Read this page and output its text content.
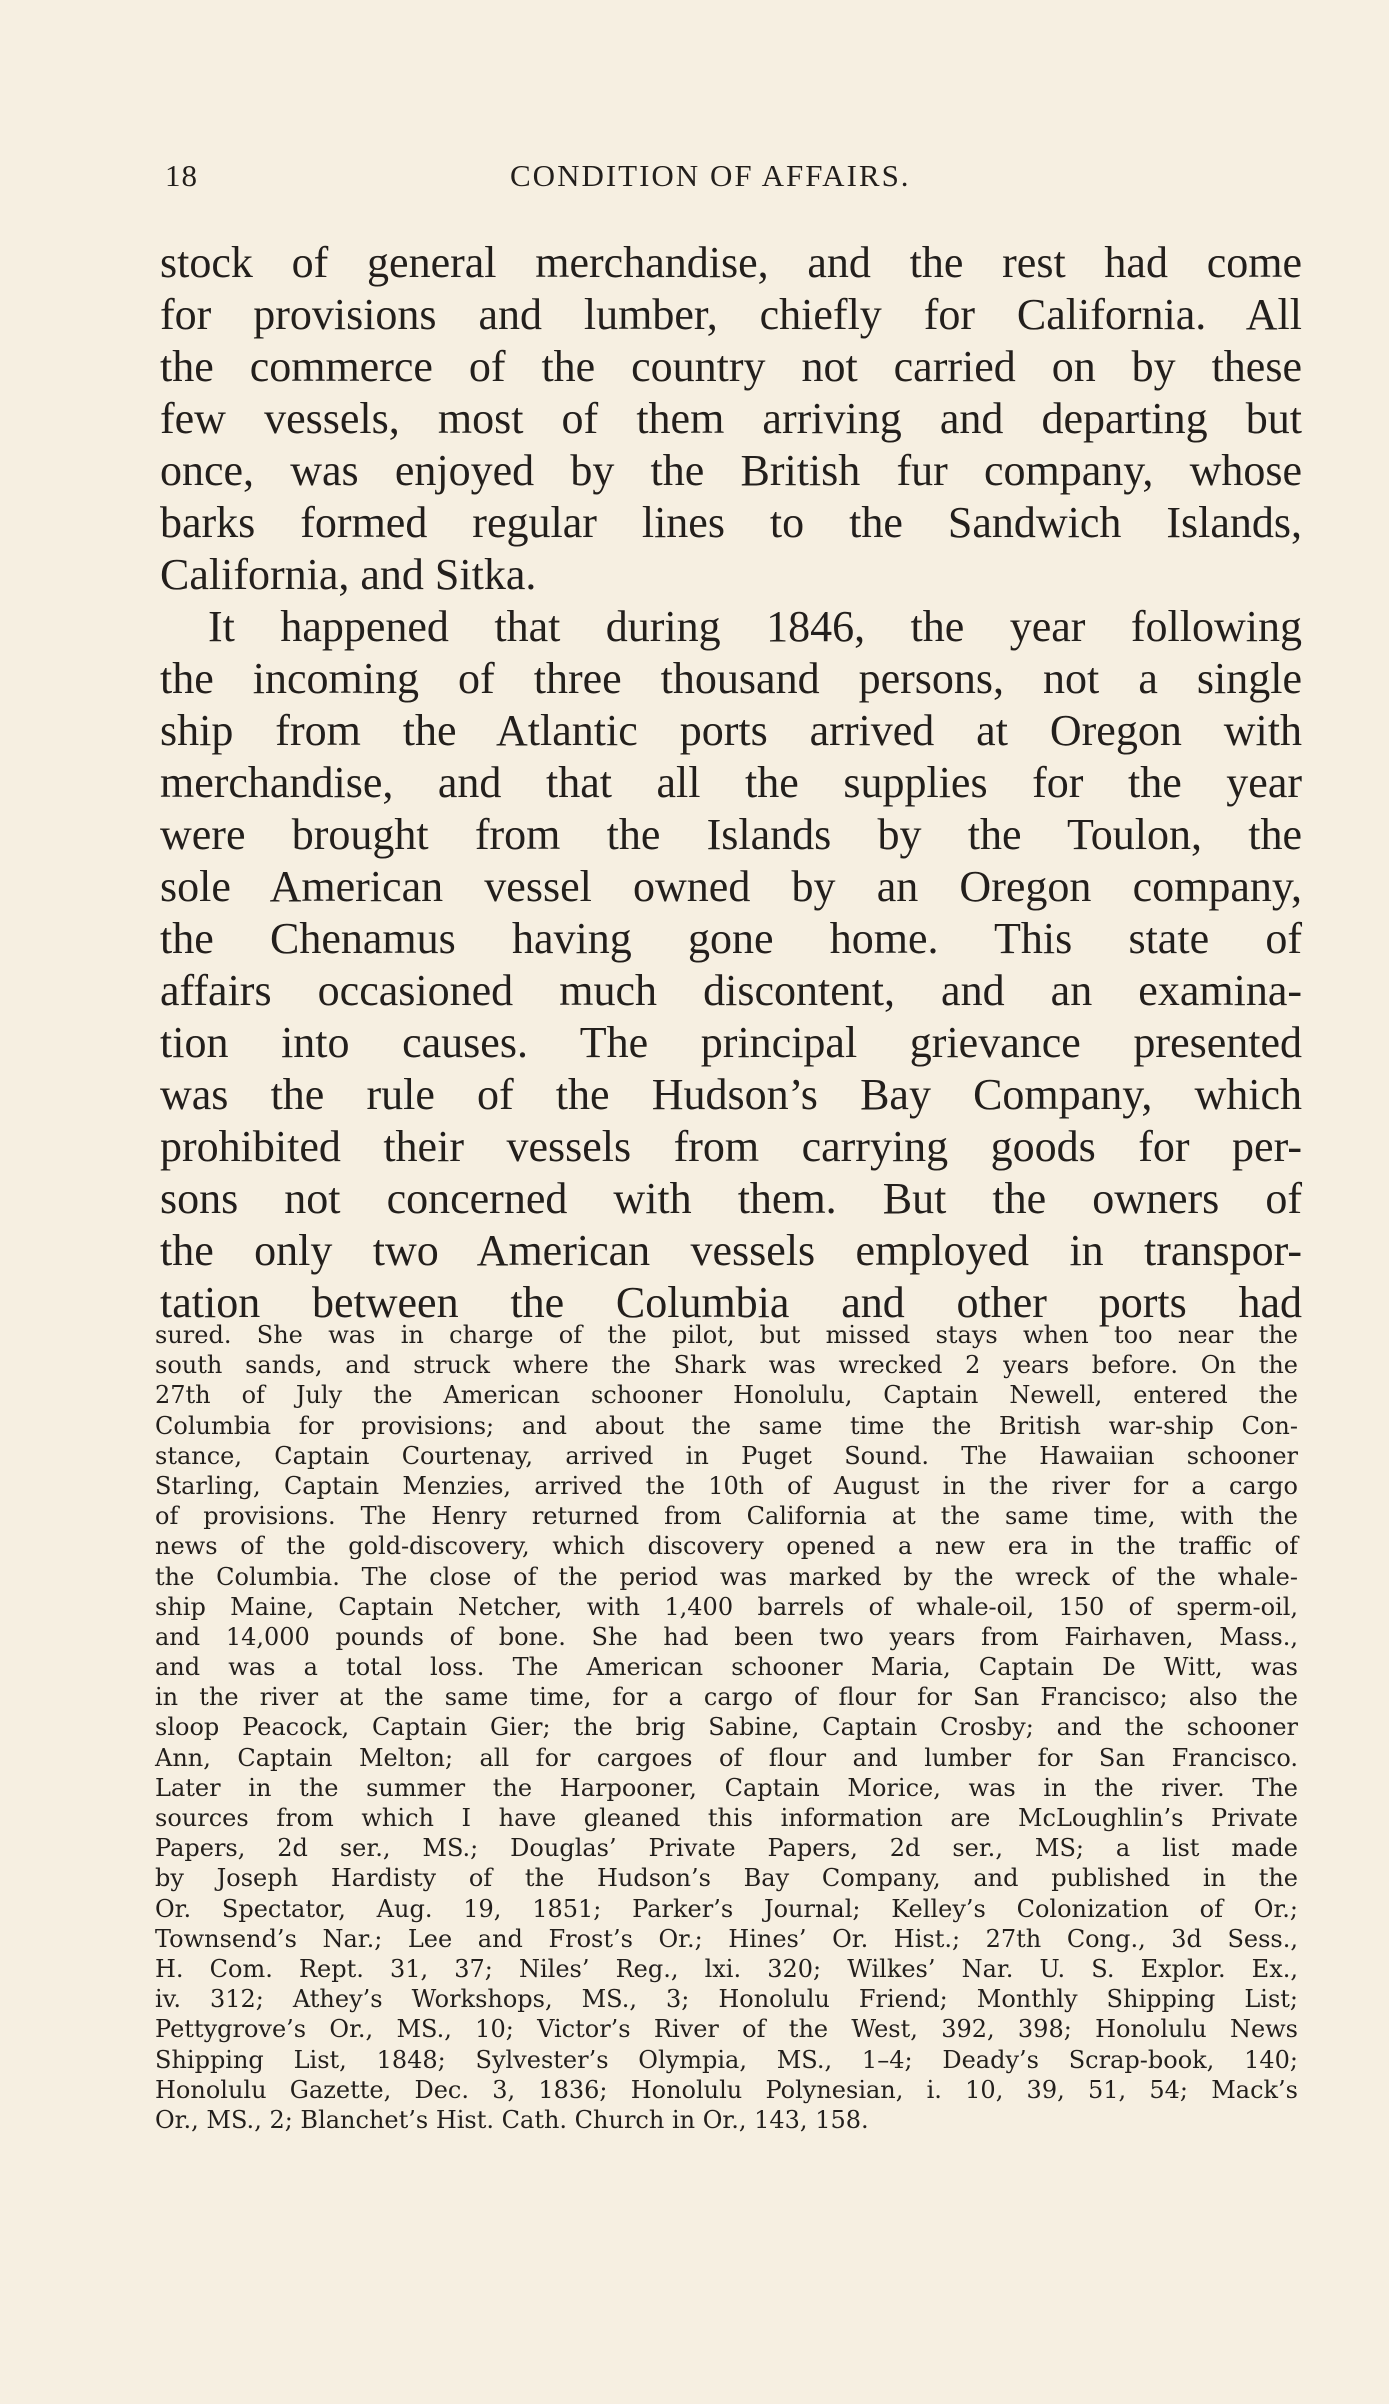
18	CONDITION OF AFFAIRS.
stock of general merchandise, and the rest had come
for provisions and lumber, chiefly for California. All
the commerce of the country not carried on by these
few vessels, most of them arriving and departing but
once, was enjoyed by the British fur company, whose
barks formed regular lines to the Sandwich Islands,
California, and Sitka.
It happened that during 1846, the year following
the incoming of three thousand persons, not a single
ship from the Atlantic ports arrived at Oregon with
merchandise, and that all the supplies for the year
were brought from the Islands by the Toulon, the
sole American vessel owned by an Oregon company,
the Chenamus having gone home. This state of
affairs occasioned much discontent, and an examina-
tion into causes. The principal grievance presented
was the rule of the Hudson’s Bay Company, which
prohibited their vessels from carrying goods for per-
sons not concerned with them. But the owners of
the only two American vessels employed in transpor-
tation between the Columbia and other ports had
sured. She was in charge of the pilot, but missed stays when too near the
south sands, and struck where the Shark was wrecked 2 years before. On the
27th of July the American schooner Honolulu, Captain Newell, entered the
Columbia for provisions; and about the same time the British war-ship Con-
stance, Captain Courtenay, arrived in Puget Sound. The Hawaiian schooner
Starling, Captain Menzies, arrived the 10th of August in the river for a cargo
of provisions. The Henry returned from California at the same time, with the
news of the gold-discovery, which discovery opened a new era in the traffic of
the Columbia. The close of the period was marked by the wreck of the whale-
ship Maine, Captain Netcher, with 1,400 barrels of whale-oil, 150 of sperm-oil,
and 14,000 pounds of bone. She had been two years from Fairhaven, Mass.,
and was a total loss. The American schooner Maria, Captain De Witt, was
in the river at the same time, for a cargo of flour for San Francisco; also the
sloop Peacock, Captain Gier; the brig Sabine, Captain Crosby; and the schooner
Ann, Captain Melton; all for cargoes of flour and lumber for San Francisco.
Later in the summer the Harpooner, Captain Morice, was in the river. The
sources from which I have gleaned this information are McLoughlin’s Private
Papers, 2d ser., MS.; Douglas’ Private Papers, 2d ser., MS; a list made
by Joseph Hardisty of the Hudson’s Bay Company, and published in the
Or. Spectator, Aug. 19, 1851; Parker’s Journal; Kelley’s Colonization of Or.;
Townsend’s Nar.; Lee and Frost’s Or.; Hines’ Or. Hist.; 27th Cong., 3d Sess.,
H. Com. Rept. 31, 37; Niles’ Reg., lxi. 320; Wilkes’ Nar. U. S. Explor. Ex.,
iv. 312; Athey’s Workshops, MS., 3; Honolulu Friend; Monthly Shipping List;
Pettygrove’s Or., MS., 10; Victor’s River of the West, 392, 398; Honolulu News
Shipping List, 1848; Sylvester’s Olympia, MS., 1–4; Deady’s Scrap-book, 140;
Honolulu Gazette, Dec. 3, 1836; Honolulu Polynesian, i. 10, 39, 51, 54; Mack’s
Or., MS., 2; Blanchet’s Hist. Cath. Church in Or., 143, 158.
